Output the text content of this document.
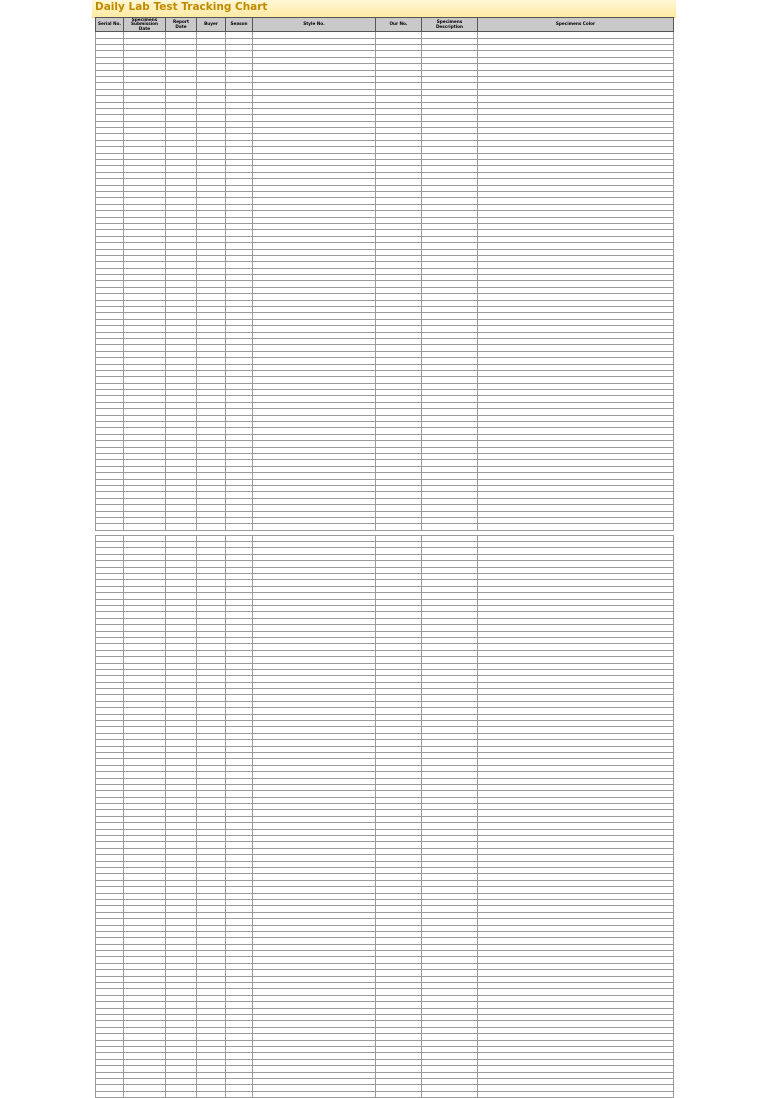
Daily Lab Test Tracking Chart
Serial No.	Specimens Submission Date	Report Date	Buyer	Season	Style No.	Our No.	Specimens Description	Specimens Color
